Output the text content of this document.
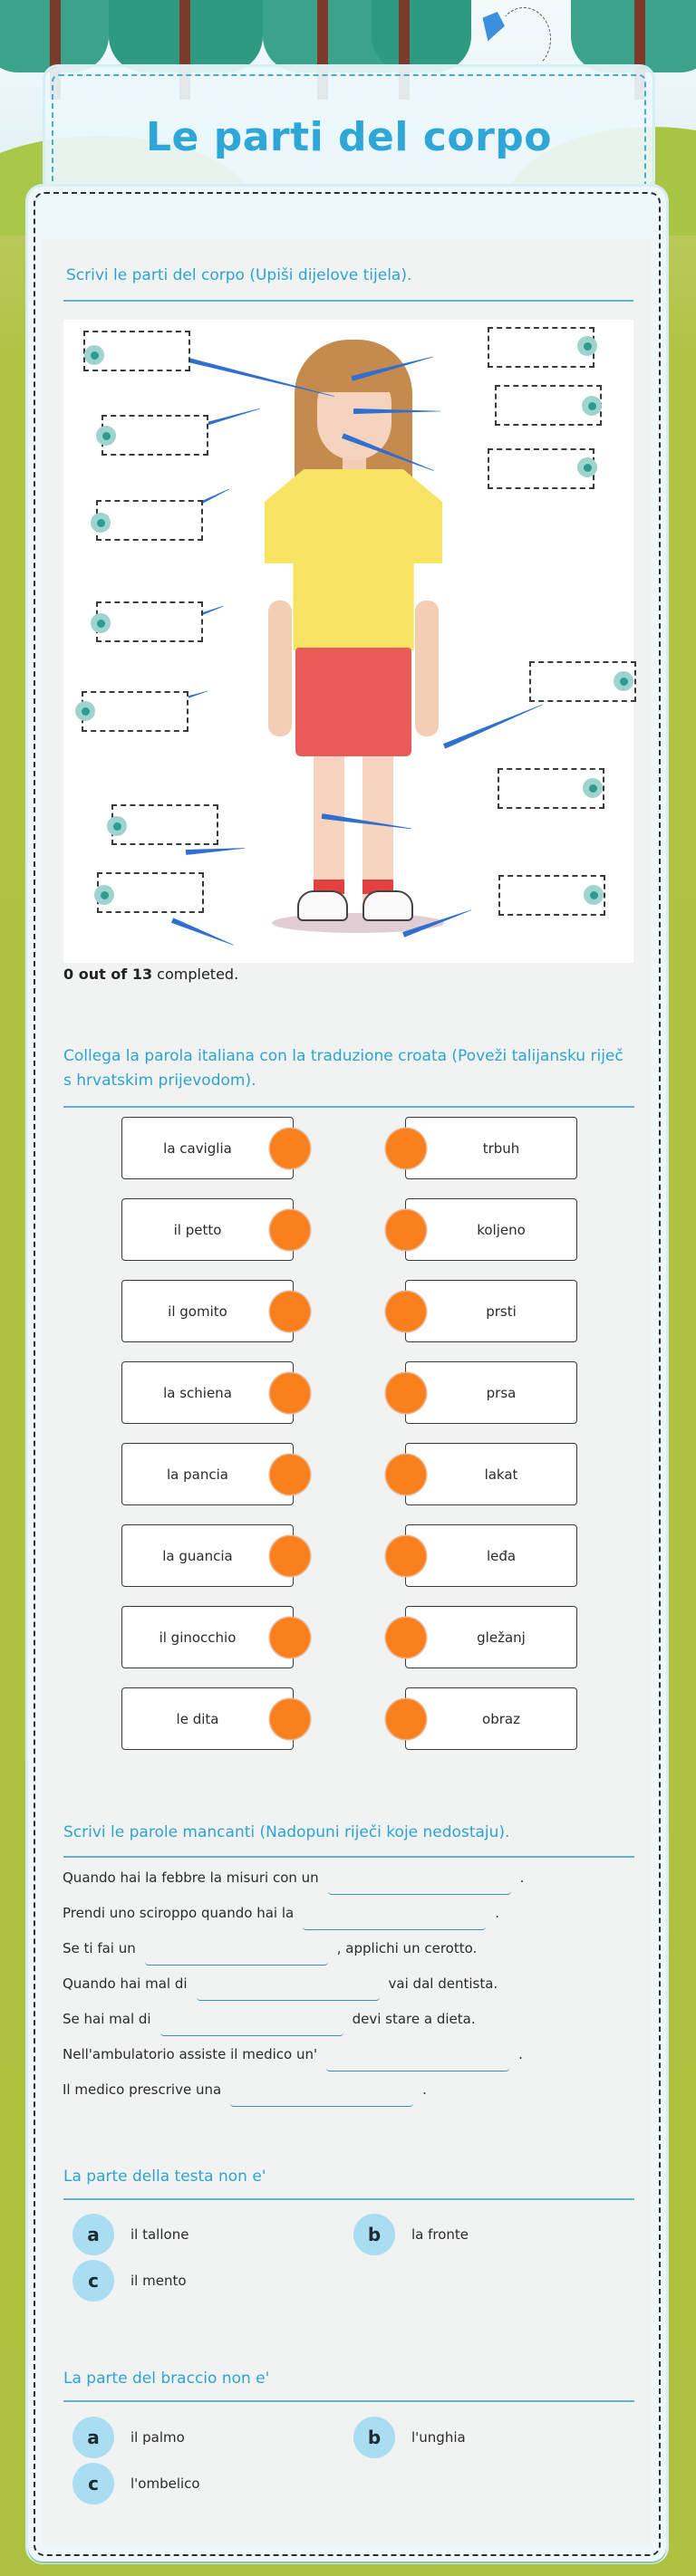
Le parti del corpo
Scrivi le parti del corpo (Upiši dijelove tijela).
0 out of 13 completed.
Collega la parola italiana con la traduzione croata (Poveži talijansku riječ s hrvatskim prijevodom).
la caviglia	trbuh
il petto	koljeno
il gomito	prsti
la schiena	prsa
la pancia	lakat
la guancia	leđa
il ginocchio	gležanj
le dita	obraz
Scrivi le parole mancanti (Nadopuni riječi koje nedostaju).
Quando hai la febbre la misuri con un	.
Prendi uno sciroppo quando hai la	.
Se ti fai un	, applichi un cerotto.
Quando hai mal di	vai dal dentista.
Se hai mal di	devi stare a dieta.
Nell'ambulatorio assiste il medico un'	.
Il medico prescrive una	.
La parte della testa non e'
a	il tallone	b	la fronte
c	il mento
La parte del braccio non e'
a	il palmo	b	l'unghia
c	l'ombelico
